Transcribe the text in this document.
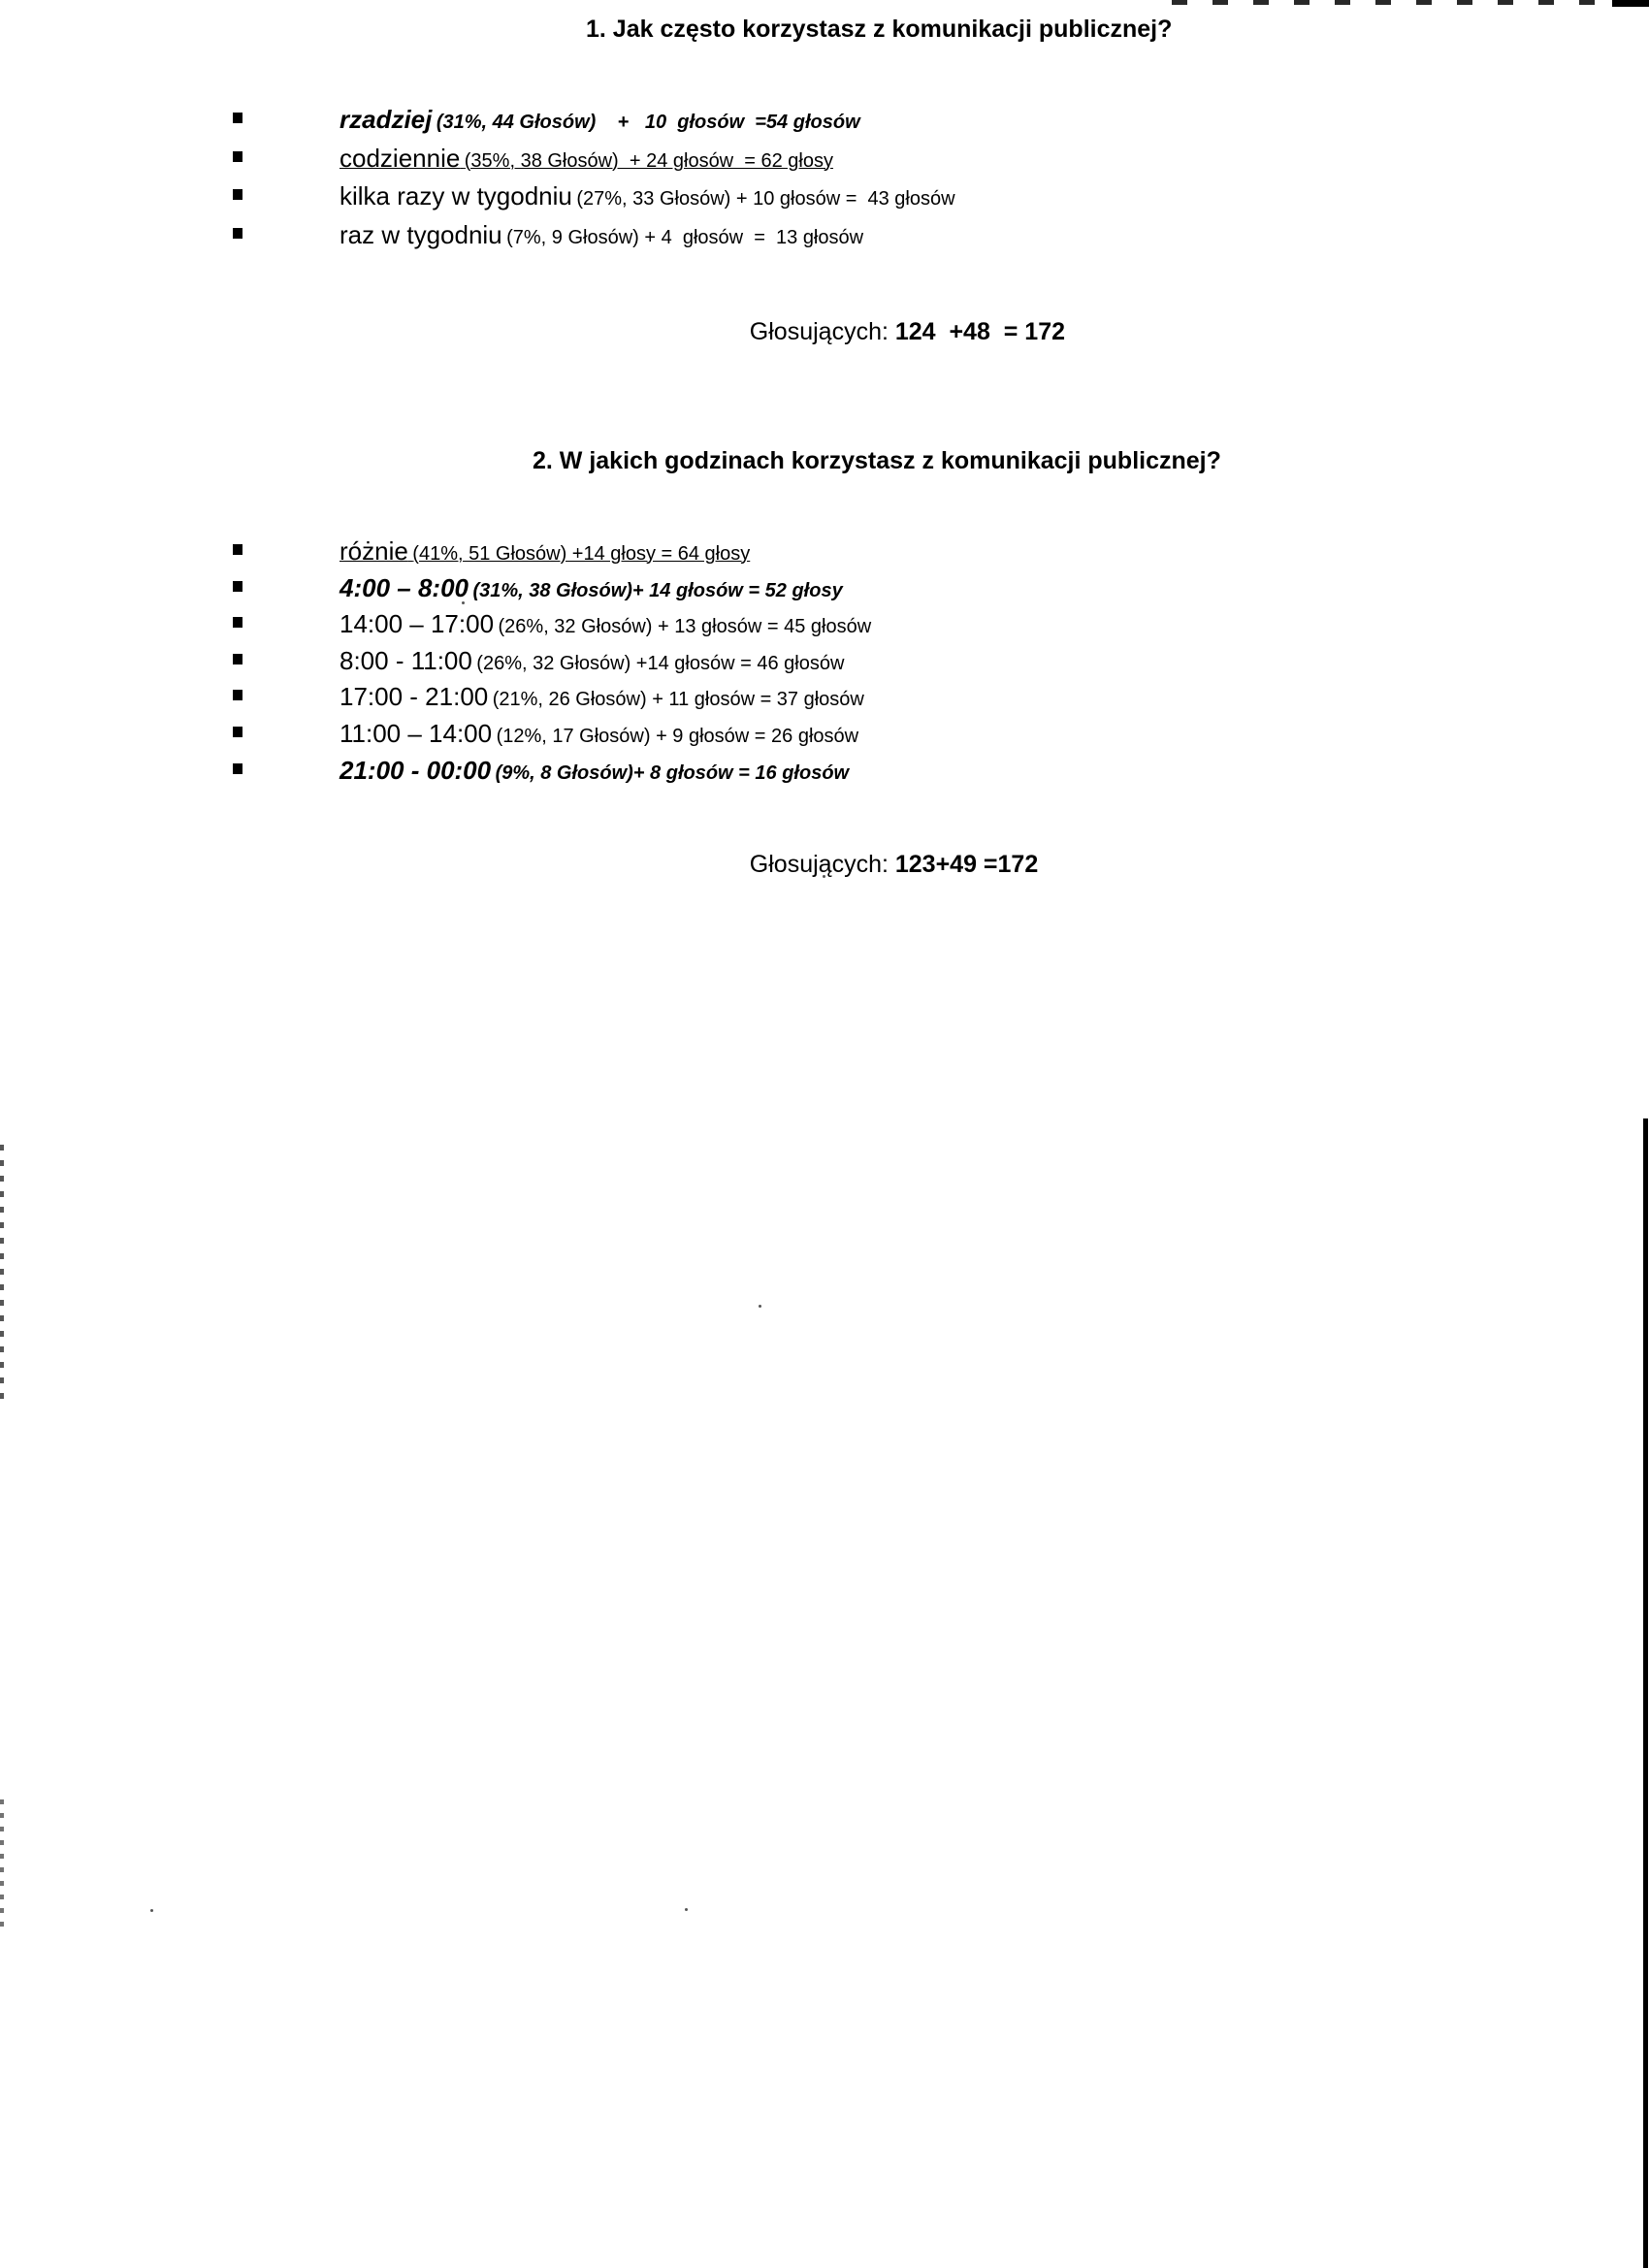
1. Jak często korzystasz z komunikacji publicznej?
rzadziej (31%, 44 Głosów)    +   10  głosów  =54 głosów
codziennie (35%, 38 Głosów)  + 24 głosów  = 62 głosy
kilka razy w tygodniu (27%, 33 Głosów) + 10 głosów =  43 głosów
raz w tygodniu (7%, 9 Głosów) + 4  głosów  =  13 głosów

Głosujących: 124  +48  = 172

2. W jakich godzinach korzystasz z komunikacji publicznej?
różnie (41%, 51 Głosów) +14 głosy = 64 głosy
4:00 – 8:00 (31%, 38 Głosów)+ 14 głosów = 52 głosy
14:00 – 17:00 (26%, 32 Głosów) + 13 głosów = 45 głosów
8:00 - 11:00 (26%, 32 Głosów) +14 głosów = 46 głosów
17:00 - 21:00 (21%, 26 Głosów) + 11 głosów = 37 głosów
11:00 – 14:00 (12%, 17 Głosów) + 9 głosów = 26 głosów
21:00 - 00:00 (9%, 8 Głosów)+ 8 głosów = 16 głosów

Głosujących: 123+49 =172
